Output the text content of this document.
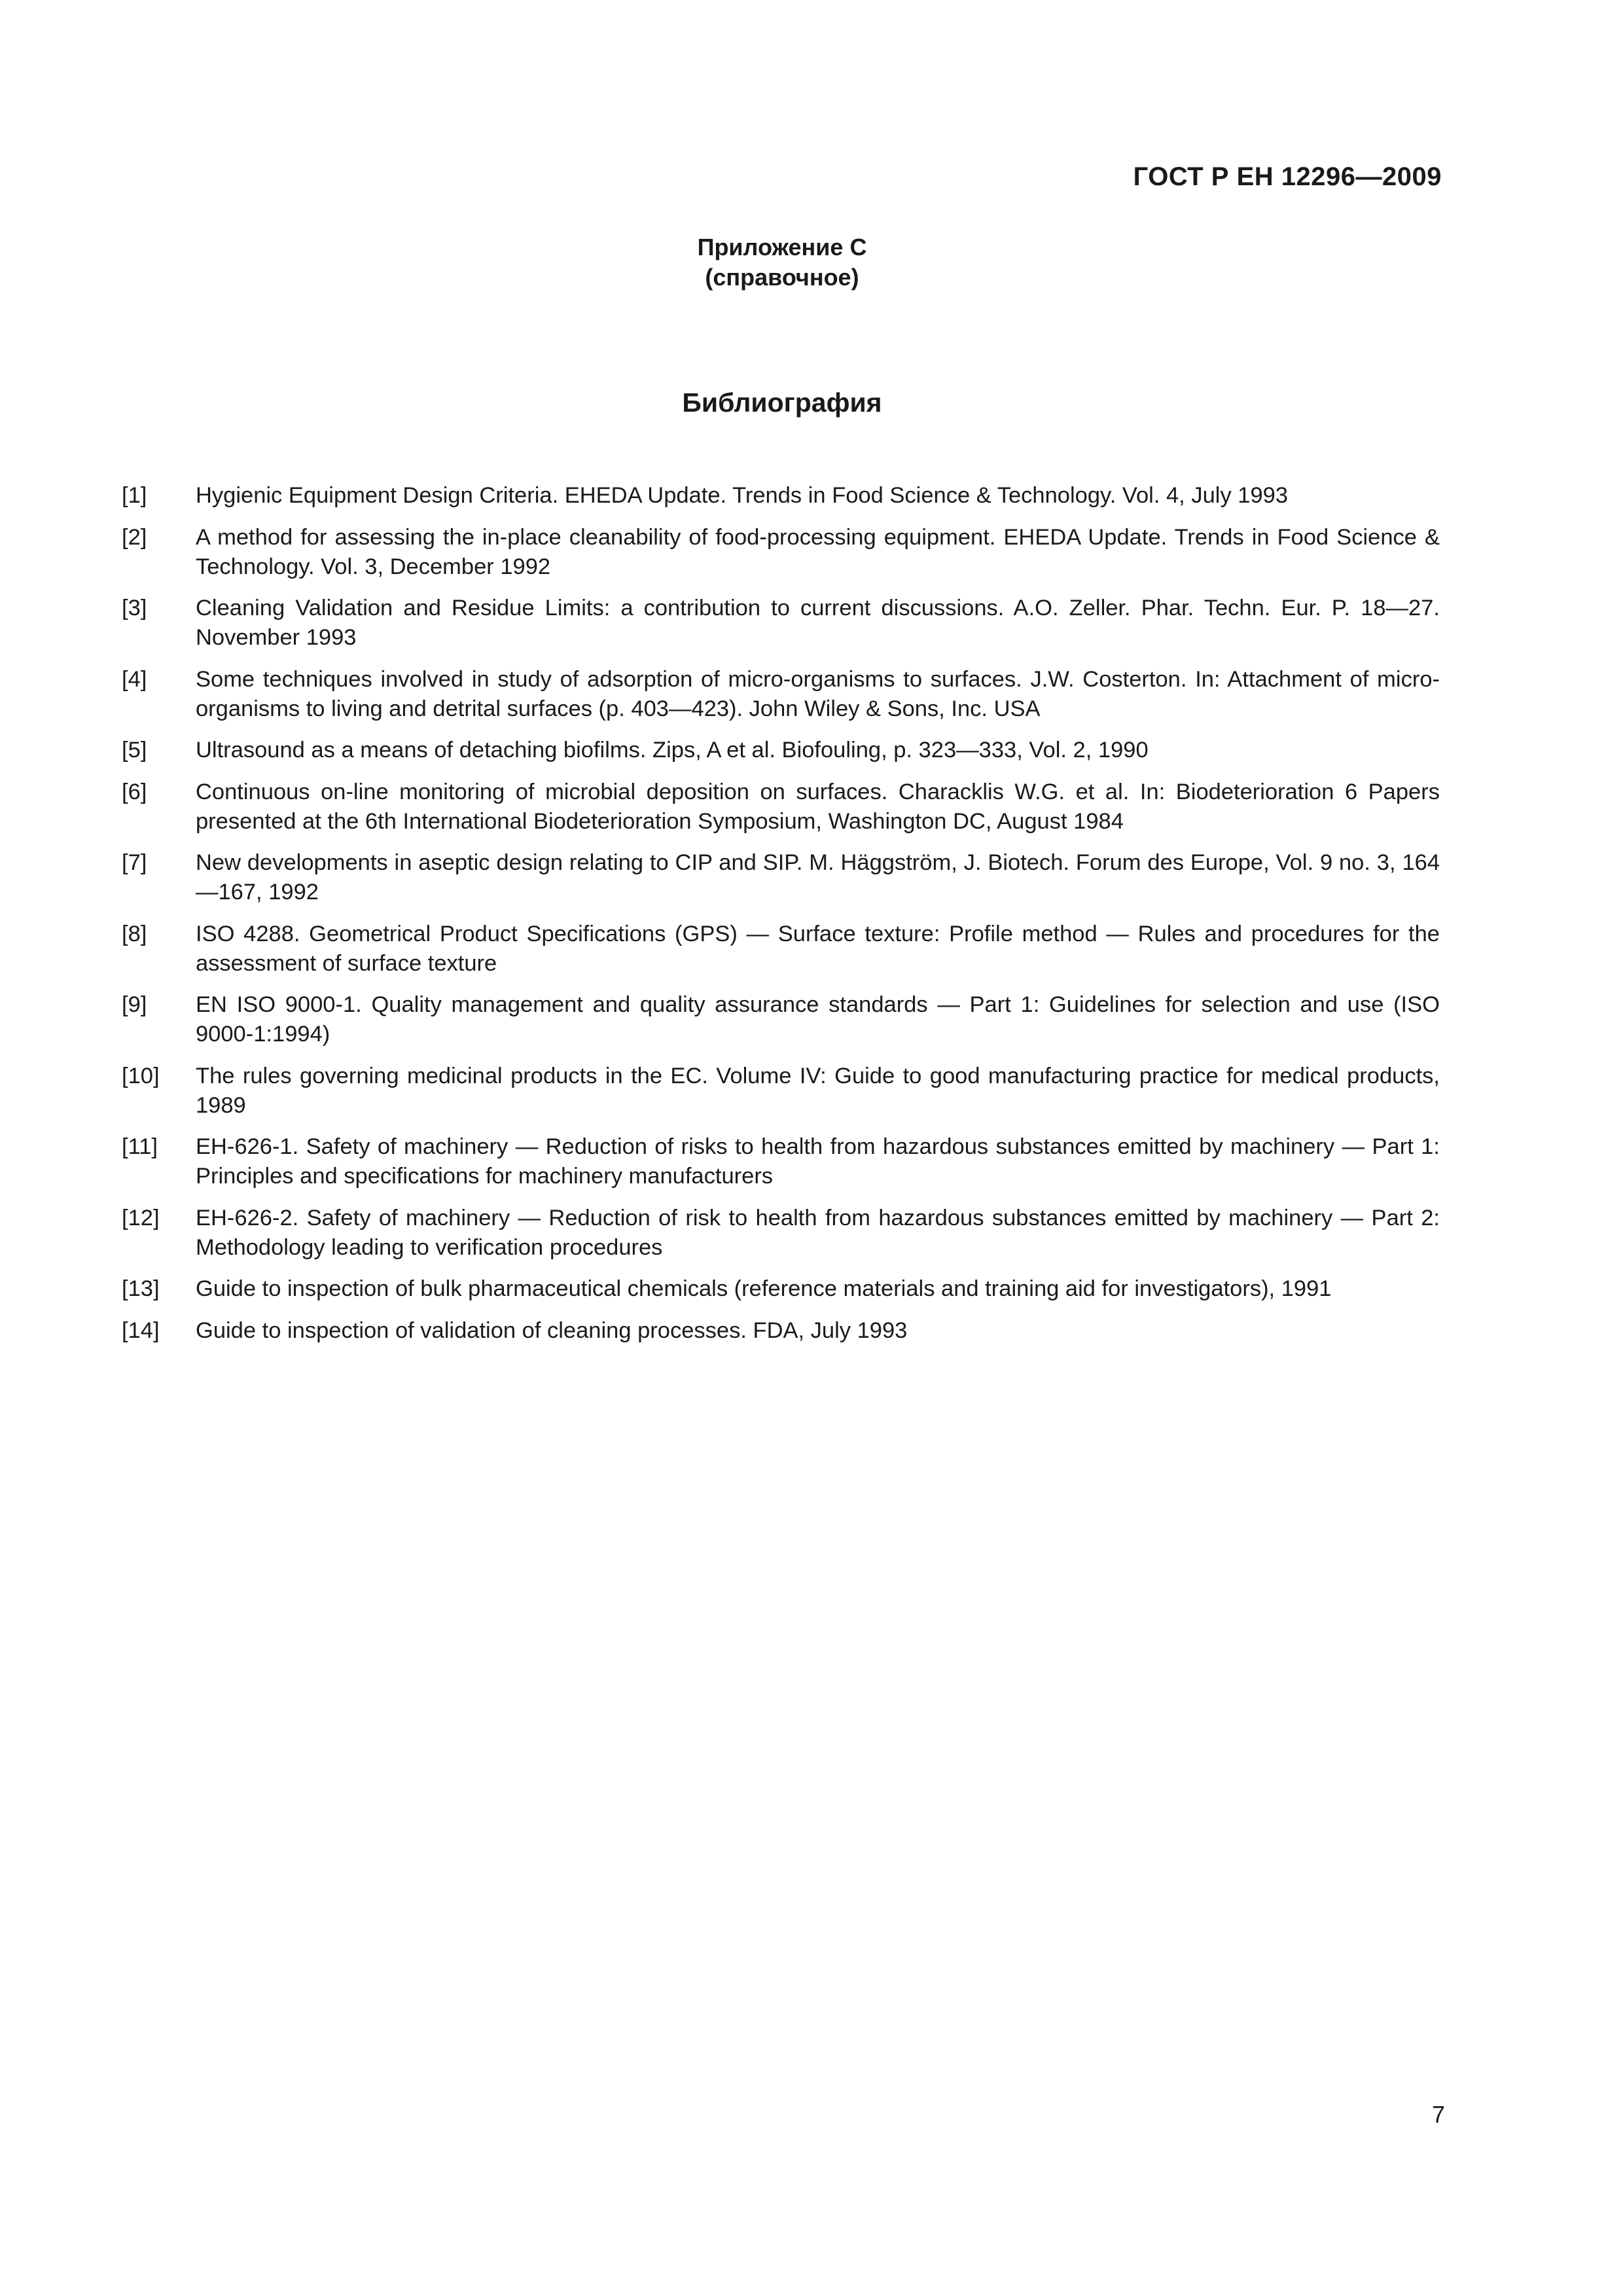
ГОСТ Р ЕН 12296—2009
Приложение С
(справочное)
Библиография
[1]	Hygienic Equipment Design Criteria. EHEDA Update. Trends in Food Science & Technology. Vol. 4, July 1993
[2]	A method for assessing the in-place cleanability of food-processing equipment. EHEDA Update. Trends in Food Science & Technology. Vol. 3, December 1992
[3]	Cleaning Validation and Residue Limits: a contribution to current discussions. A.O. Zeller. Phar. Techn. Eur. P. 18—27. November 1993
[4]	Some techniques involved in study of adsorption of micro-organisms to surfaces. J.W. Costerton. In: Attachment of micro-organisms to living and detrital surfaces (p. 403—423). John Wiley & Sons, Inc. USA
[5]	Ultrasound as a means of detaching biofilms. Zips, A et al. Biofouling, p. 323—333, Vol. 2, 1990
[6]	Continuous on-line monitoring of microbial deposition on surfaces. Characklis W.G. et al. In: Biodeterioration 6 Papers presented at the 6th International Biodeterioration Symposium, Washington DC, August 1984
[7]	New developments in aseptic design relating to CIP and SIP. M. Häggström, J. Biotech. Forum des Europe, Vol. 9 no. 3, 164—167, 1992
[8]	ISO 4288. Geometrical Product Specifications (GPS) — Surface texture: Profile method — Rules and procedures for the assessment of surface texture
[9]	EN ISO 9000-1. Quality management and quality assurance standards — Part 1: Guidelines for selection and use (ISO 9000-1:1994)
[10]	The rules governing medicinal products in the EC. Volume IV: Guide to good manufacturing practice for medical products, 1989
[11]	EH-626-1. Safety of machinery — Reduction of risks to health from hazardous substances emitted by machinery — Part 1: Principles and specifications for machinery manufacturers
[12]	EH-626-2. Safety of machinery — Reduction of risk to health from hazardous substances emitted by machinery — Part 2: Methodology leading to verification procedures
[13]	Guide to inspection of bulk pharmaceutical chemicals (reference materials and training aid for investigators), 1991
[14]	Guide to inspection of validation of cleaning processes. FDA, July 1993
7
